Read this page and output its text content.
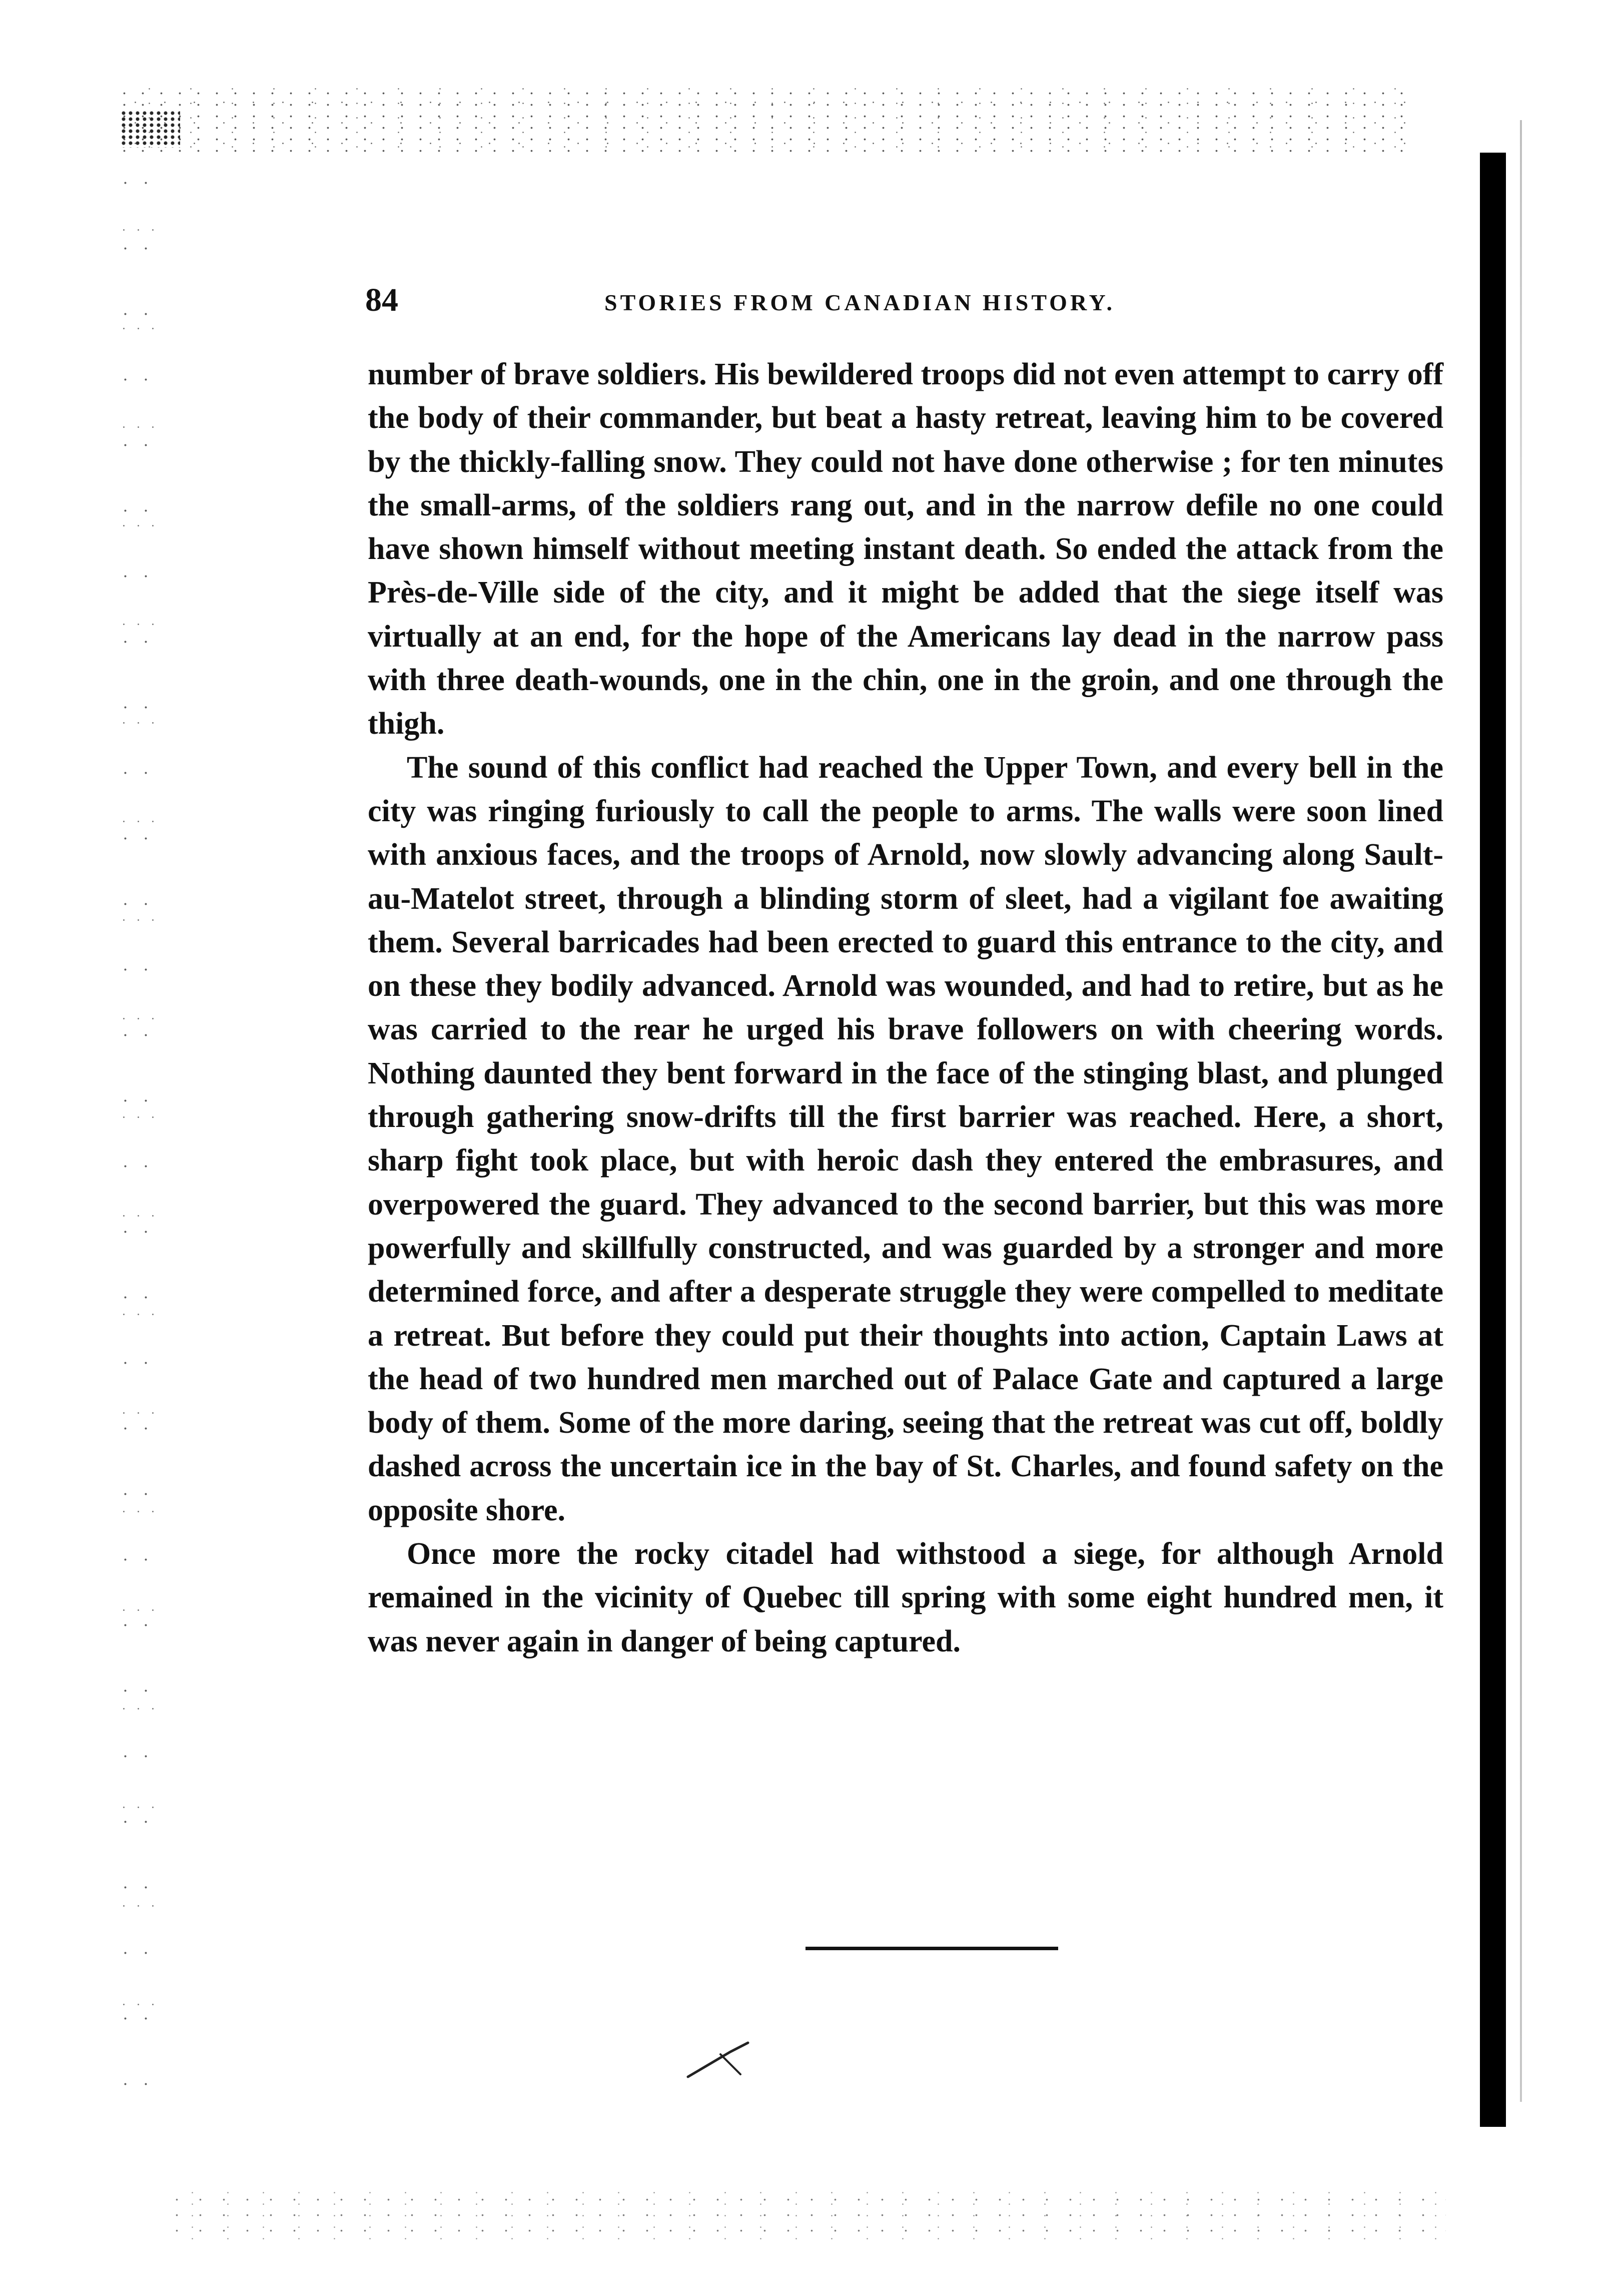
84	STORIES FROM CANADIAN HISTORY.

number of brave soldiers. His bewildered troops did not even attempt to carry off the body of their commander, but beat a hasty retreat, leaving him to be covered by the thickly-falling snow. They could not have done otherwise ; for ten minutes the small-arms, of the soldiers rang out, and in the narrow defile no one could have shown himself without meeting instant death. So ended the attack from the Près-de-Ville side of the city, and it might be added that the siege itself was virtually at an end, for the hope of the Americans lay dead in the narrow pass with three death-wounds, one in the chin, one in the groin, and one through the thigh.

The sound of this conflict had reached the Upper Town, and every bell in the city was ringing furiously to call the people to arms. The walls were soon lined with anxious faces, and the troops of Arnold, now slowly advancing along Sault-au-Matelot street, through a blinding storm of sleet, had a vigilant foe awaiting them. Several barricades had been erected to guard this entrance to the city, and on these they bodily advanced. Arnold was wounded, and had to retire, but as he was carried to the rear he urged his brave followers on with cheering words. Nothing daunted they bent forward in the face of the stinging blast, and plunged through gathering snow-drifts till the first barrier was reached. Here, a short, sharp fight took place, but with heroic dash they entered the embrasures, and overpowered the guard. They advanced to the second barrier, but this was more powerfully and skillfully constructed, and was guarded by a stronger and more determined force, and after a desperate struggle they were compelled to meditate a retreat. But before they could put their thoughts into action, Captain Laws at the head of two hundred men marched out of Palace Gate and captured a large body of them. Some of the more daring, seeing that the retreat was cut off, boldly dashed across the uncertain ice in the bay of St. Charles, and found safety on the opposite shore.

Once more the rocky citadel had withstood a siege, for although Arnold remained in the vicinity of Quebec till spring with some eight hundred men, it was never again in danger of being captured.
